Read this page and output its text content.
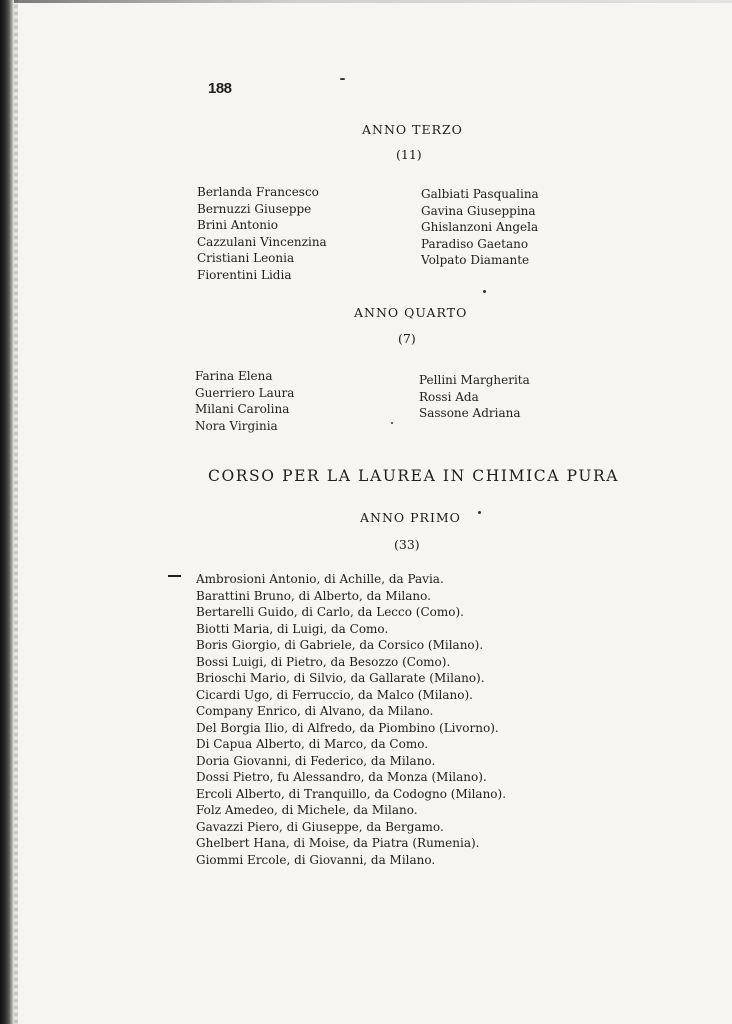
188
ANNO TERZO
(11)
Berlanda Francesco
Bernuzzi Giuseppe
Brini Antonio
Cazzulani Vincenzina
Cristiani Leonia
Fiorentini Lidia
Galbiati Pasqualina
Gavina Giuseppina
Ghislanzoni Angela
Paradiso Gaetano
Volpato Diamante
ANNO QUARTO
(7)
Farina Elena
Guerriero Laura
Milani Carolina
Nora Virginia
Pellini Margherita
Rossi Ada
Sassone Adriana
CORSO PER LA LAUREA IN CHIMICA PURA
ANNO PRIMO
(33)
Ambrosioni Antonio, di Achille, da Pavia.
Barattini Bruno, di Alberto, da Milano.
Bertarelli Guido, di Carlo, da Lecco (Como).
Biotti Maria, di Luigi, da Como.
Boris Giorgio, di Gabriele, da Corsico (Milano).
Bossi Luigi, di Pietro, da Besozzo (Como).
Brioschi Mario, di Silvio, da Gallarate (Milano).
Cicardi Ugo, di Ferruccio, da Malco (Milano).
Company Enrico, di Alvano, da Milano.
Del Borgia Ilio, di Alfredo, da Piombino (Livorno).
Di Capua Alberto, di Marco, da Como.
Doria Giovanni, di Federico, da Milano.
Dossi Pietro, fu Alessandro, da Monza (Milano).
Ercoli Alberto, di Tranquillo, da Codogno (Milano).
Folz Amedeo, di Michele, da Milano.
Gavazzi Piero, di Giuseppe, da Bergamo.
Ghelbert Hana, di Moise, da Piatra (Rumenia).
Giommi Ercole, di Giovanni, da Milano.
